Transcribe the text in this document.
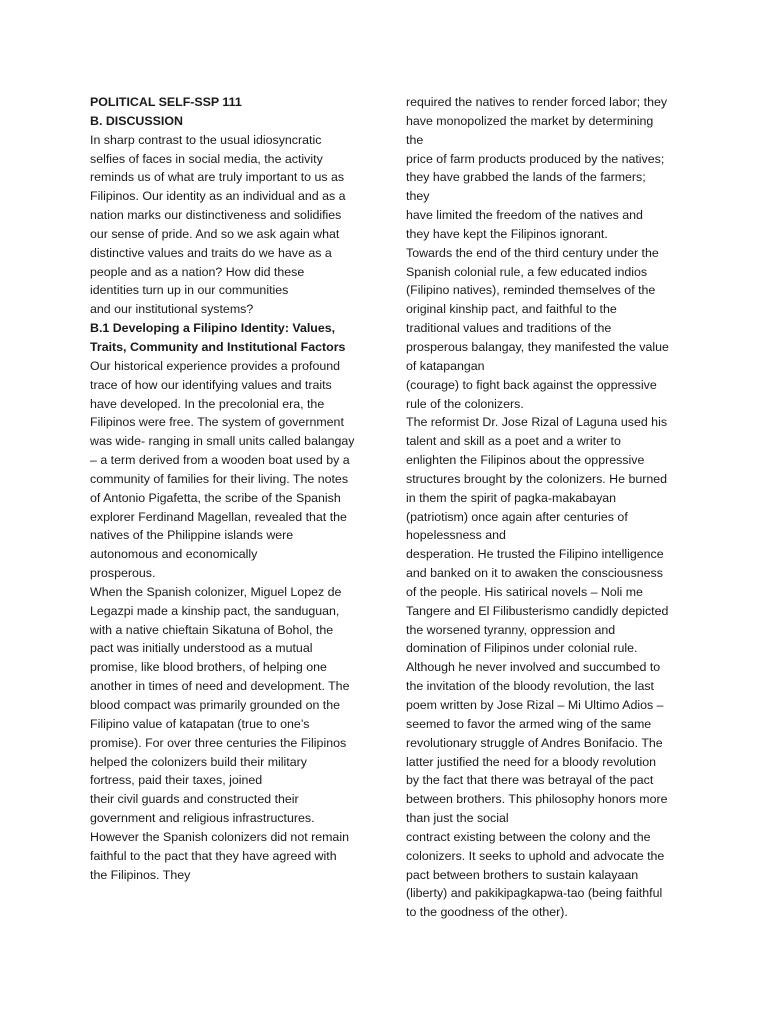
POLITICAL SELF-SSP 111
B. DISCUSSION
In sharp contrast to the usual idiosyncratic
selfies of faces in social media, the activity
reminds us of what are truly important to us as
Filipinos. Our identity as an individual and as a
nation marks our distinctiveness and solidifies
our sense of pride. And so we ask again what
distinctive values and traits do we have as a
people and as a nation? How did these
identities turn up in our communities
and our institutional systems?
B.1 Developing a Filipino Identity: Values,
Traits, Community and Institutional Factors
Our historical experience provides a profound
trace of how our identifying values and traits
have developed. In the precolonial era, the
Filipinos were free. The system of government
was wide- ranging in small units called balangay
– a term derived from a wooden boat used by a
community of families for their living. The notes
of Antonio Pigafetta, the scribe of the Spanish
explorer Ferdinand Magellan, revealed that the
natives of the Philippine islands were
autonomous and economically
prosperous.
When the Spanish colonizer, Miguel Lopez de
Legazpi made a kinship pact, the sanduguan,
with a native chieftain Sikatuna of Bohol, the
pact was initially understood as a mutual
promise, like blood brothers, of helping one
another in times of need and development. The
blood compact was primarily grounded on the
Filipino value of katapatan (true to one’s
promise). For over three centuries the Filipinos
helped the colonizers build their military
fortress, paid their taxes, joined
their civil guards and constructed their
government and religious infrastructures.
However the Spanish colonizers did not remain
faithful to the pact that they have agreed with
the Filipinos. They
required the natives to render forced labor; they
have monopolized the market by determining
the
price of farm products produced by the natives;
they have grabbed the lands of the farmers;
they
have limited the freedom of the natives and
they have kept the Filipinos ignorant.
Towards the end of the third century under the
Spanish colonial rule, a few educated indios
(Filipino natives), reminded themselves of the
original kinship pact, and faithful to the
traditional values and traditions of the
prosperous balangay, they manifested the value
of katapangan
(courage) to fight back against the oppressive
rule of the colonizers.
The reformist Dr. Jose Rizal of Laguna used his
talent and skill as a poet and a writer to
enlighten the Filipinos about the oppressive
structures brought by the colonizers. He burned
in them the spirit of pagka-makabayan
(patriotism) once again after centuries of
hopelessness and
desperation. He trusted the Filipino intelligence
and banked on it to awaken the consciousness
of the people. His satirical novels – Noli me
Tangere and El Filibusterismo candidly depicted
the worsened tyranny, oppression and
domination of Filipinos under colonial rule.
Although he never involved and succumbed to
the invitation of the bloody revolution, the last
poem written by Jose Rizal – Mi Ultimo Adios –
seemed to favor the armed wing of the same
revolutionary struggle of Andres Bonifacio. The
latter justified the need for a bloody revolution
by the fact that there was betrayal of the pact
between brothers. This philosophy honors more
than just the social
contract existing between the colony and the
colonizers. It seeks to uphold and advocate the
pact between brothers to sustain kalayaan
(liberty) and pakikipagkapwa-tao (being faithful
to the goodness of the other).
